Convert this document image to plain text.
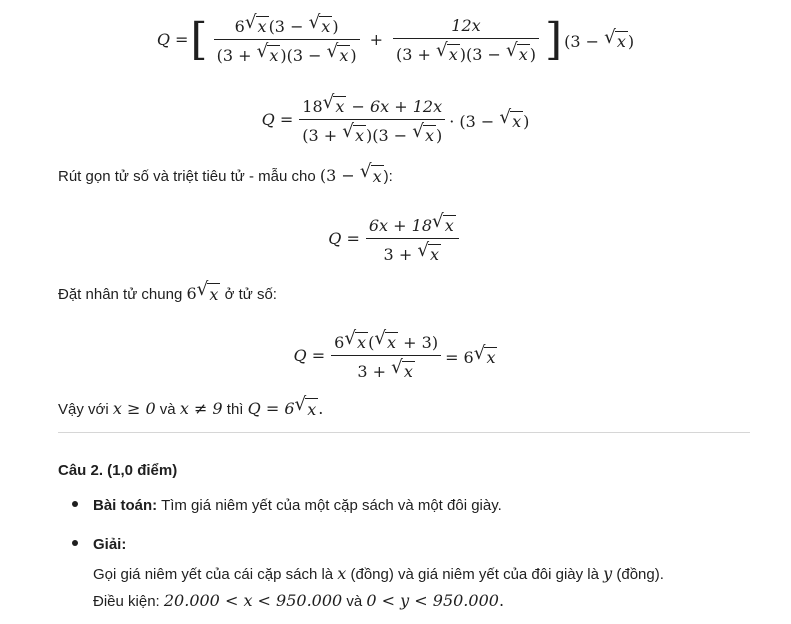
Q = [ $\frac{6 √ x (3 - √ x )}{(3 + √ x )(3 - √ x )} + \frac{12x}{(3 + √ x )(3 - √ x )}$ ] (3 − √ x )
$Q = \frac{18 √ x - 6x + 12x}{(3 + √ x )(3 - √ x )} \cdot (3$ − √ x )
Rút gọn tử số và triệt tiêu tử - mẫu cho (3 − √ x ):
$Q = \frac{6x + 18 √ x}{3 + √ x}$
Đặt nhân tử chung 6 √ x ở tử số:
$Q = \frac{6 √ x ( √ x + 3)}{3 + √ x} = 6$ √ x
Vậy với x ≥ 0 và x ≠ 9 thì Q = 6 √ x .
Câu 2. (1,0 điểm)
Bài toán: Tìm giá niêm yết của một cặp sách và một đôi giày.
Giải:
Gọi giá niêm yết của cái cặp sách là x (đồng) và giá niêm yết của đôi giày là y (đồng).
Điều kiện: 20.000 < x < 950.000 và 0 < y < 950.000.
